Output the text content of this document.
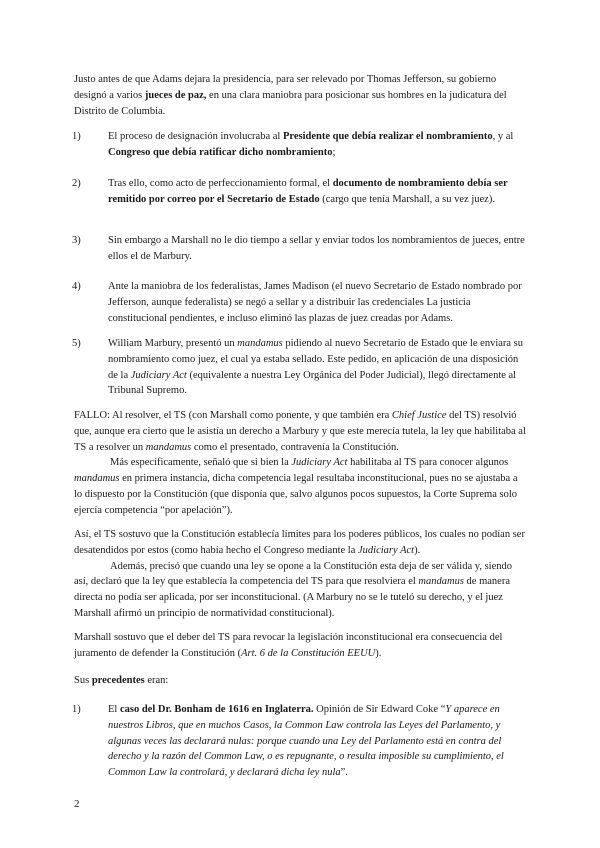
Justo antes de que Adams dejara la presidencia, para ser relevado por Thomas Jefferson, su gobierno designó a varios jueces de paz, en una clara maniobra para posicionar sus hombres en la judicatura del Distrito de Columbia.

1)	El proceso de designación involucraba al Presidente que debía realizar el nombramiento, y al Congreso que debía ratificar dicho nombramiento;
2)	Tras ello, como acto de perfeccionamiento formal, el documento de nombramiento debía ser remitido por correo por el Secretario de Estado (cargo que tenía Marshall, a su vez juez).
3)	Sin embargo a Marshall no le dio tiempo a sellar y enviar todos los nombramientos de jueces, entre ellos el de Marbury.
4)	Ante la maniobra de los federalistas, James Madison (el nuevo Secretario de Estado nombrado por Jefferson, aunque federalista) se negó a sellar y a distribuir las credenciales La justicia constitucional pendientes, e incluso eliminó las plazas de juez creadas por Adams.
5)	William Marbury, presentó un mandamus pidiendo al nuevo Secretario de Estado que le enviara su nombramiento como juez, el cual ya estaba sellado. Este pedido, en aplicación de una disposición de la Judiciary Act (equivalente a nuestra Ley Orgánica del Poder Judicial), llegó directamente al Tribunal Supremo.

FALLO: Al resolver, el TS (con Marshall como ponente, y que también era Chief Justice del TS) resolvió que, aunque era cierto que le asistía un derecho a Marbury y que este merecía tutela, la ley que habilitaba al TS a resolver un mandamus como el presentado, contravenía la Constitución.
Más específicamente, señaló que si bien la Judiciary Act habilitaba al TS para conocer algunos mandamus en primera instancia, dicha competencia legal resultaba inconstitucional, pues no se ajustaba a lo dispuesto por la Constitución (que disponía que, salvo algunos pocos supuestos, la Corte Suprema solo ejercía competencia “por apelación”).

Así, el TS sostuvo que la Constitución establecía límites para los poderes públicos, los cuales no podían ser desatendidos por estos (como había hecho el Congreso mediante la Judiciary Act).
Además, precisó que cuando una ley se opone a la Constitución esta deja de ser válida y, siendo así, declaró que la ley que establecía la competencia del TS para que resolviera el mandamus de manera directa no podía ser aplicada, por ser inconstitucional. (A Marbury no se le tuteló su derecho, y el juez Marshall afirmó un principio de normatividad constitucional).

Marshall sostuvo que el deber del TS para revocar la legislación inconstitucional era consecuencia del juramento de defender la Constitución (Art. 6 de la Constitución EEUU).

Sus precedentes eran:

1)	El caso del Dr. Bonham de 1616 en Inglaterra. Opinión de Sir Edward Coke “Y aparece en nuestros Libros, que en muchos Casos, la Common Law controla las Leyes del Parlamento, y algunas veces las declarará nulas: porque cuando una Ley del Parlamento está en contra del derecho y la razón del Common Law, o es repugnante, o resulta imposible su cumplimiento, el Common Law la controlará, y declarará dicha ley nula”.
2
